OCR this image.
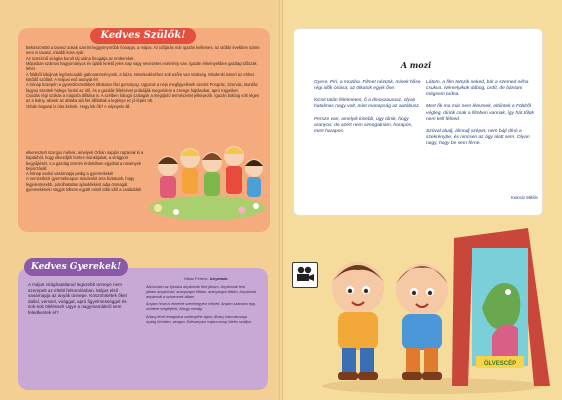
Kedves Szülők!

Beköszöntött a tavasz sokak szerint leggyönyörűbb hónapja, a május. Az időjárás már igazán kellemes, az utóbbi években szinte nem is tavasz, inkább kora nyár.

Az szeszínű virágba borult táj utána finogatja az embereket.

Májusban számos hagyományos és újabb keletű jeles nap vagy nevezetes esemény van. Igazán élményekben gazdag időszak lehet.

A földből kibújnak legfontosabb gabonanövényünk, a búza. Növekedéséhez sok esőre van szükség. Mindenki ismeri az ehhez kötődő szólást: A májusi eső aranyat ér!

A hónap közepén a gyümölcsösökben tiltokatos fázi gomolyog. Ugyanis a népi megfigyelések szerint Pongrác, Szervác, Bonifác fagyos szentek hidege fordul az idő, és a gazdák féltésével próbálják megvédeni a zsenge hajtásokat, apró rügyeiket.

Csodás régi szokás a májusfa állítása is. A szélben lobogó szalagok a megújuló természetet jelképezik. Igazán boldog volt régen az a leány, akinek az ablaka alá fiet állítottak a legénye ez jó lépés ült.

Orbán bogarai is útra kelnek. Hogy kik ők? A népnyelv áll.

elkeresztelt szorgos méhek, amelyek Orbán napján rajzanak ki a kaptárból, hogy elkezdjék fontos munkájukat, a virágport begyűjtését, s a gazdag termés érdekében egyúttal a növények beporzását.

A hónap utolsó vasárnapja pedig a gyermekeké!

A nemzetközi gyermeknapon mindenkit arra biztatunk, hogy legjelentesebb, pótolhatatlan ajándékként adja önmagát gyermekének! Vagyis töltsön együtt minél több időt a családdal!

Kedves Gyerekek!

A május virághatatlanul legszebb ünnepe nem szerepelt az eltöltí felsorolásban. Május első vasárnapja az anyák ünnepe. Köszöntsétek őket dallal, verssel, virággal, apró figyelmességgel és sok-sok öleléssel! Ugye a nagymamákról sem feledkeztek el?

Mész Ferenc: Anyámak

Álmomban az éjszaka anyámnak fent jártam, Anyámnak fent jártam anyamnak, aranyangot tűttam, aranyangot töltam, Anyámnál anyámnál a szivemnek álltam.

Anyám hova is elmehet szemhegyem helyett, Anyám számára épp, mindent megfejthet, Ahogy mindig.

Ahány levél lenagodva szélenyithe ágon, Ahány hamvatcsepp nyárig Kicsillen, virágon, Édesanyám hajára annyi ölelés szálljon.

A mozi

Gyere, Piri, a moziba. Filmet nézünk, minek hőse régi idők óriása, az ölkatok egyik őse.

Kicsit talán félelmetes, ő a dinoszaurusz, olyan hatalmas nagy volt, mint manapság az autóbusz.

Persze van, amelyik kisebb, úgy tűnik, hogy aranyos, de azért nem simogatnám, harapós, mert harapos.

Látom, a film tetszik neked, bár a szemed néha csukva. Némelyikük dábog, ordít, de bántani mégsem tudna.

Mert ők ma már nem léteznek, eltűntek a Földről végleg, dínók csak a filmben vannak, így hát tőlük nem kell félned.

Szóval aludj, álmodj szépet, nem bújt dínó a szekrénybe, és nincsen az ágy alatt sem. Olyan nagy, hogy be sem férne.

Kulcsár Miklós
ÖLVESCÉP
